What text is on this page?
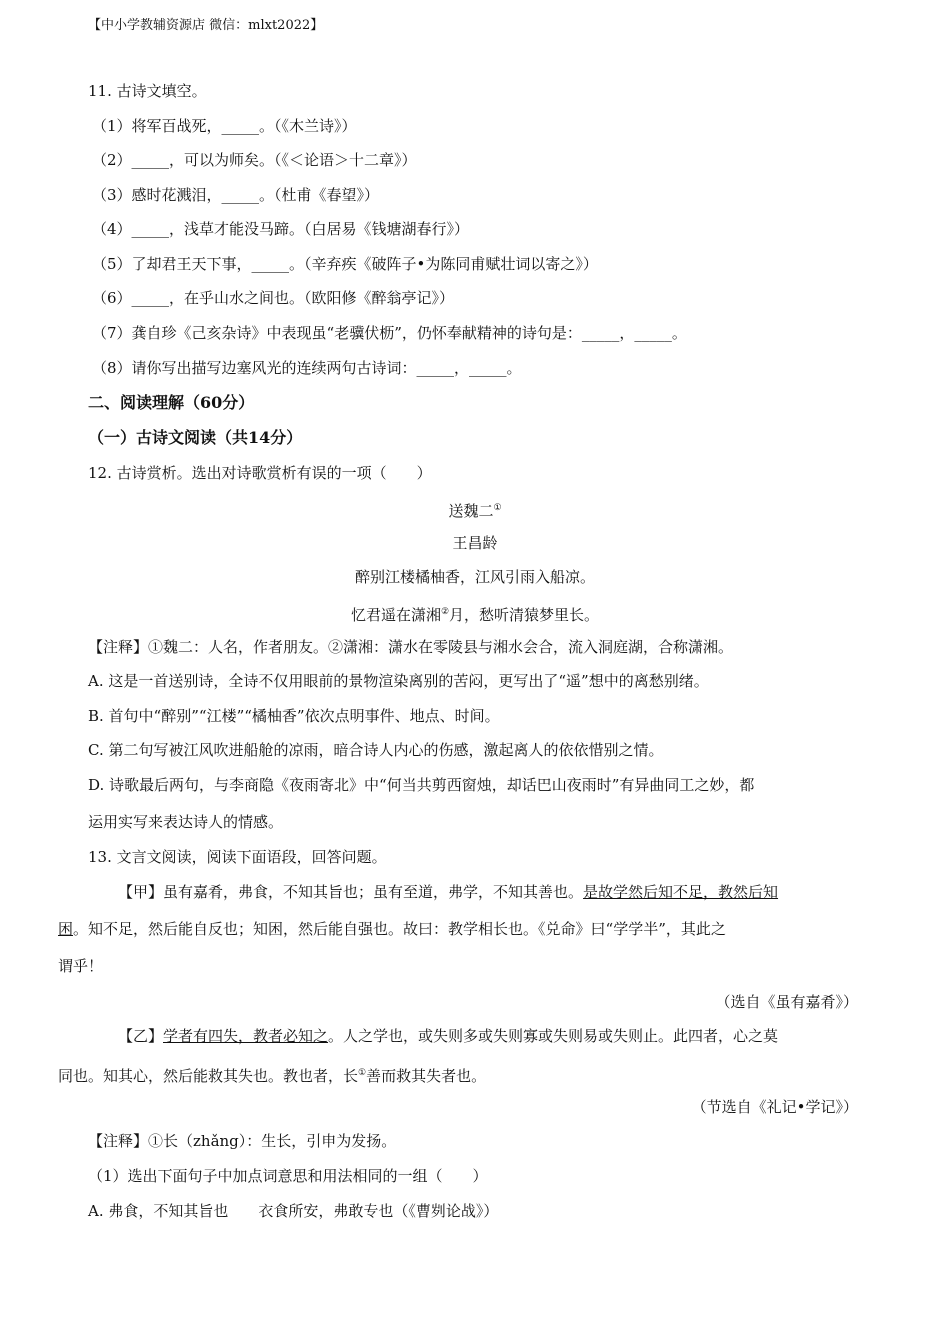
【中小学教辅资源店 微信：mlxt2022】
11. 古诗文填空。
（1）将军百战死，_____。（《木兰诗》）
（2）_____，可以为师矣。（《＜论语＞十二章》）
（3）感时花溅泪，_____。（杜甫《春望》）
（4）_____，浅草才能没马蹄。（白居易《钱塘湖春行》）
（5）了却君王天下事，_____。（辛弃疾《破阵子•为陈同甫赋壮词以寄之》）
（6）_____，在乎山水之间也。（欧阳修《醉翁亭记》）
（7）龚自珍《己亥杂诗》中表现虽“老骥伏枥”，仍怀奉献精神的诗句是：_____，_____。
（8）请你写出描写边塞风光的连续两句古诗词：_____，_____。
二、阅读理解（60分）
（一）古诗文阅读（共14分）
12. 古诗赏析。选出对诗歌赏析有误的一项（　　）
送魏二①
王昌龄
醉别江楼橘柚香，江风引雨入船凉。
忆君遥在潇湘②月，愁听清猿梦里长。
【注释】①魏二：人名，作者朋友。②潇湘：潇水在零陵县与湘水会合，流入洞庭湖，合称潇湘。
A. 这是一首送别诗，全诗不仅用眼前的景物渲染离别的苦闷，更写出了“遥”想中的离愁别绪。
B. 首句中“醉别”“江楼”“橘柚香”依次点明事件、地点、时间。
C. 第二句写被江风吹进船舱的凉雨，暗合诗人内心的伤感，激起离人的依依惜别之情。
D. 诗歌最后两句，与李商隐《夜雨寄北》中“何当共剪西窗烛，却话巴山夜雨时”有异曲同工之妙，都
运用实写来表达诗人的情感。
13. 文言文阅读，阅读下面语段，回答问题。
【甲】虽有嘉肴，弗食，不知其旨也；虽有至道，弗学，不知其善也。是故学然后知不足，教然后知
困。知不足，然后能自反也；知困，然后能自强也。故曰：教学相长也。《兑命》曰“学学半”，其此之
谓乎！
（选自《虽有嘉肴》）
【乙】学者有四失，教者必知之。人之学也，或失则多或失则寡或失则易或失则止。此四者，心之莫
同也。知其心，然后能救其失也。教也者，长①善而救其失者也。
（节选自《礼记•学记》）
【注释】①长（zhǎng）：生长，引申为发扬。
（1）选出下面句子中加点词意思和用法相同的一组（　　）
A. 弗食，不知其旨也　　衣食所安，弗敢专也（《曹刿论战》）
